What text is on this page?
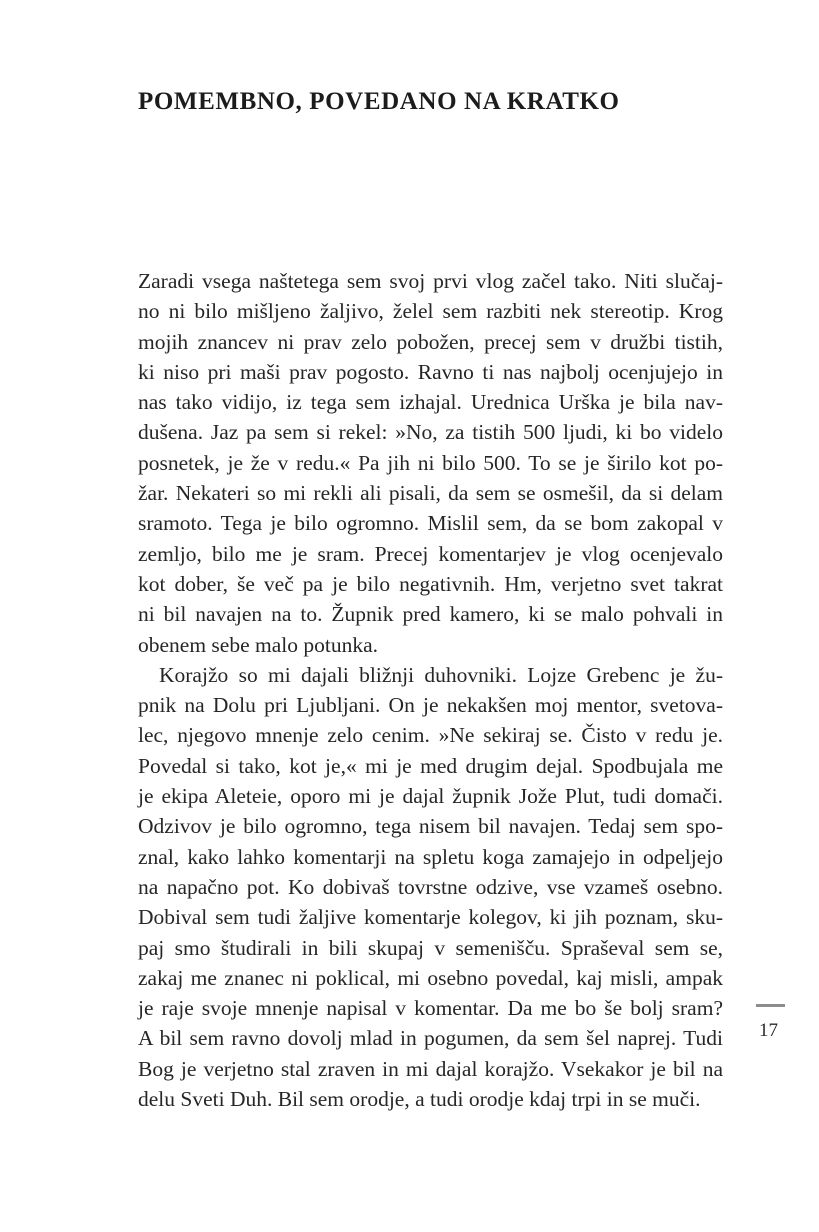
POMEMBNO, POVEDANO NA KRATKO
Zaradi vsega naštetega sem svoj prvi vlog začel tako. Niti slučaj-
no ni bilo mišljeno žaljivo, želel sem razbiti nek stereotip. Krog
mojih znancev ni prav zelo pobožen, precej sem v družbi tistih,
ki niso pri maši prav pogosto. Ravno ti nas najbolj ocenjujejo in
nas tako vidijo, iz tega sem izhajal. Urednica Urška je bila nav-
dušena. Jaz pa sem si rekel: »No, za tistih 500 ljudi, ki bo videlo
posnetek, je že v redu.« Pa jih ni bilo 500. To se je širilo kot po-
žar. Nekateri so mi rekli ali pisali, da sem se osmešil, da si delam
sramoto. Tega je bilo ogromno. Mislil sem, da se bom zakopal v
zemljo, bilo me je sram. Precej komentarjev je vlog ocenjevalo
kot dober, še več pa je bilo negativnih. Hm, verjetno svet takrat
ni bil navajen na to. Župnik pred kamero, ki se malo pohvali in
obenem sebe malo potunka.
Korajžo so mi dajali bližnji duhovniki. Lojze Grebenc je žu-
pnik na Dolu pri Ljubljani. On je nekakšen moj mentor, svetova-
lec, njegovo mnenje zelo cenim. »Ne sekiraj se. Čisto v redu je.
Povedal si tako, kot je,« mi je med drugim dejal. Spodbujala me
je ekipa Aleteie, oporo mi je dajal župnik Jože Plut, tudi domači.
Odzivov je bilo ogromno, tega nisem bil navajen. Tedaj sem spo-
znal, kako lahko komentarji na spletu koga zamajejo in odpeljejo
na napačno pot. Ko dobivaš tovrstne odzive, vse vzameš osebno.
Dobival sem tudi žaljive komentarje kolegov, ki jih poznam, sku-
paj smo študirali in bili skupaj v semenišču. Spraševal sem se,
zakaj me znanec ni poklical, mi osebno povedal, kaj misli, ampak
je raje svoje mnenje napisal v komentar. Da me bo še bolj sram?
A bil sem ravno dovolj mlad in pogumen, da sem šel naprej. Tudi
Bog je verjetno stal zraven in mi dajal korajžo. Vsekakor je bil na
delu Sveti Duh. Bil sem orodje, a tudi orodje kdaj trpi in se muči.
17
